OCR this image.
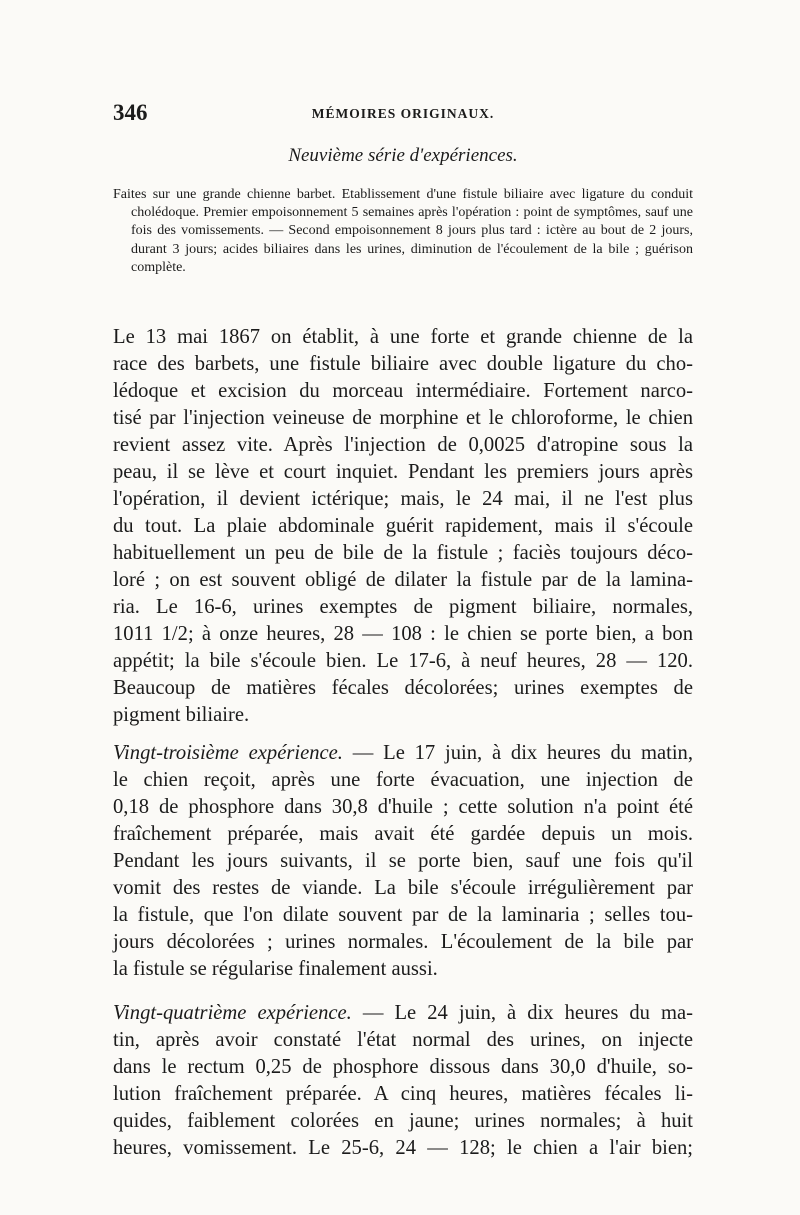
346	MÉMOIRES ORIGINAUX.
Neuvième série d'expériences.
Faites sur une grande chienne barbet. Etablissement d'une fistule biliaire avec ligature du conduit cholédoque. Premier empoisonnement 5 semaines après l'opération : point de symptômes, sauf une fois des vomissements. — Second empoisonnement 8 jours plus tard : ictère au bout de 2 jours, durant 3 jours; acides biliaires dans les urines, diminution de l'écoulement de la bile ; guérison complète.
Le 13 mai 1867 on établit, à une forte et grande chienne de la
race des barbets, une fistule biliaire avec double ligature du cho-
lédoque et excision du morceau intermédiaire. Fortement narco-
tisé par l'injection veineuse de morphine et le chloroforme, le chien
revient assez vite. Après l'injection de 0,0025 d'atropine sous la
peau, il se lève et court inquiet. Pendant les premiers jours après
l'opération, il devient ictérique; mais, le 24 mai, il ne l'est plus
du tout. La plaie abdominale guérit rapidement, mais il s'écoule
habituellement un peu de bile de la fistule ; faciès toujours déco-
loré ; on est souvent obligé de dilater la fistule par de la lamina-
ria. Le 16-6, urines exemptes de pigment biliaire, normales,
1011 1/2; à onze heures, 28 — 108 : le chien se porte bien, a bon
appétit; la bile s'écoule bien. Le 17-6, à neuf heures, 28 — 120.
Beaucoup de matières fécales décolorées; urines exemptes de
pigment biliaire.
Vingt-troisième expérience. — Le 17 juin, à dix heures du matin,
le chien reçoit, après une forte évacuation, une injection de
0,18 de phosphore dans 30,8 d'huile ; cette solution n'a point été
fraîchement préparée, mais avait été gardée depuis un mois.
Pendant les jours suivants, il se porte bien, sauf une fois qu'il
vomit des restes de viande. La bile s'écoule irrégulièrement par
la fistule, que l'on dilate souvent par de la laminaria ; selles tou-
jours décolorées ; urines normales. L'écoulement de la bile par
la fistule se régularise finalement aussi.
Vingt-quatrième expérience. — Le 24 juin, à dix heures du ma-
tin, après avoir constaté l'état normal des urines, on injecte
dans le rectum 0,25 de phosphore dissous dans 30,0 d'huile, so-
lution fraîchement préparée. A cinq heures, matières fécales li-
quides, faiblement colorées en jaune; urines normales; à huit
heures, vomissement. Le 25-6, 24 — 128; le chien a l'air bien;
